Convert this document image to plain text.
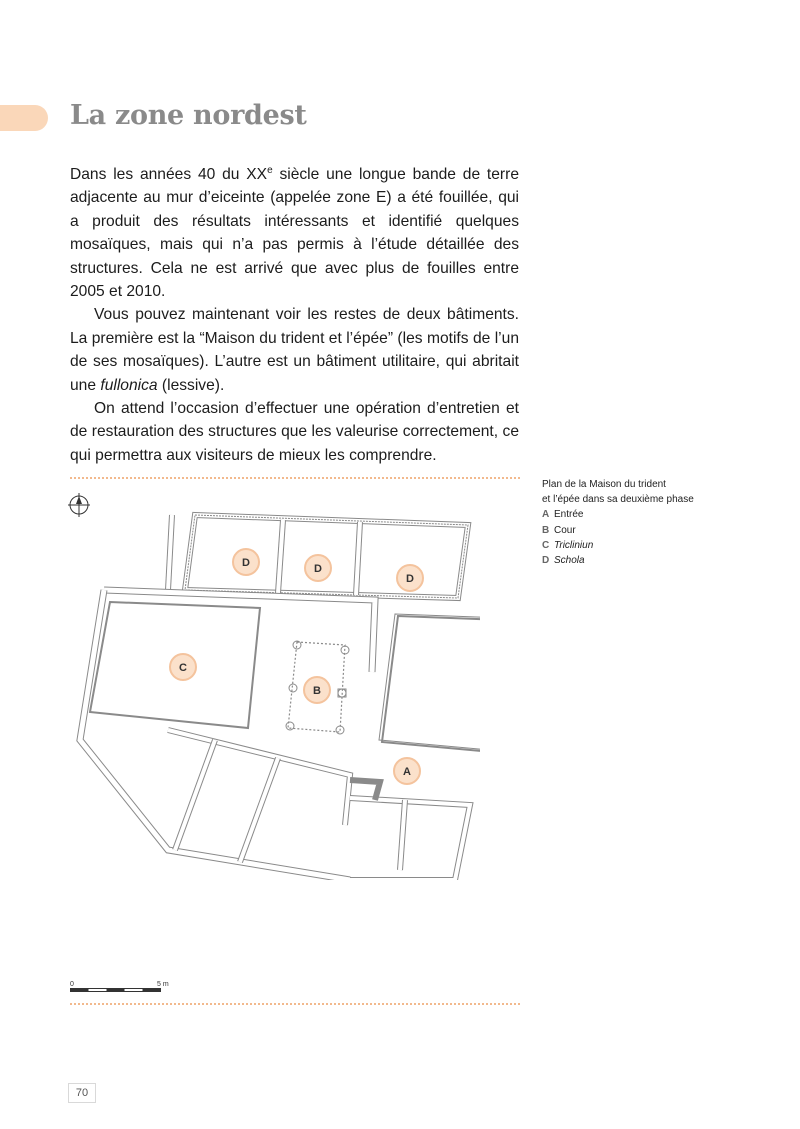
La zone nordest

Dans les années 40 du XXe siècle une longue bande de terre adjacente au mur d’eiceinte (appelée zone E) a été fouillée, qui a produit des résultats intéressants et identifié quelques mosaïques, mais qui n’a pas permis à l’étude détaillée des structures. Cela ne est arrivé que avec plus de fouilles entre 2005 et 2010.

Vous pouvez maintenant voir les restes de deux bâtiments. La première est la “Maison du trident et l’épée” (les motifs de l’un de ses mosaïques). L’autre est un bâtiment utilitaire, qui abritait une fullonica (lessive).

On attend l’occasion d’effectuer une opération d’entretien et de restauration des structures que les valeurise correctement, ce qui permettra aux visiteurs de mieux les comprendre.

D	D
D
C
B
A
Plan de la Maison du trident
et l’épée dans sa deuxième phase
A Entrée
B Cour
C Tricliniun
D Schola
0	5 m
70
